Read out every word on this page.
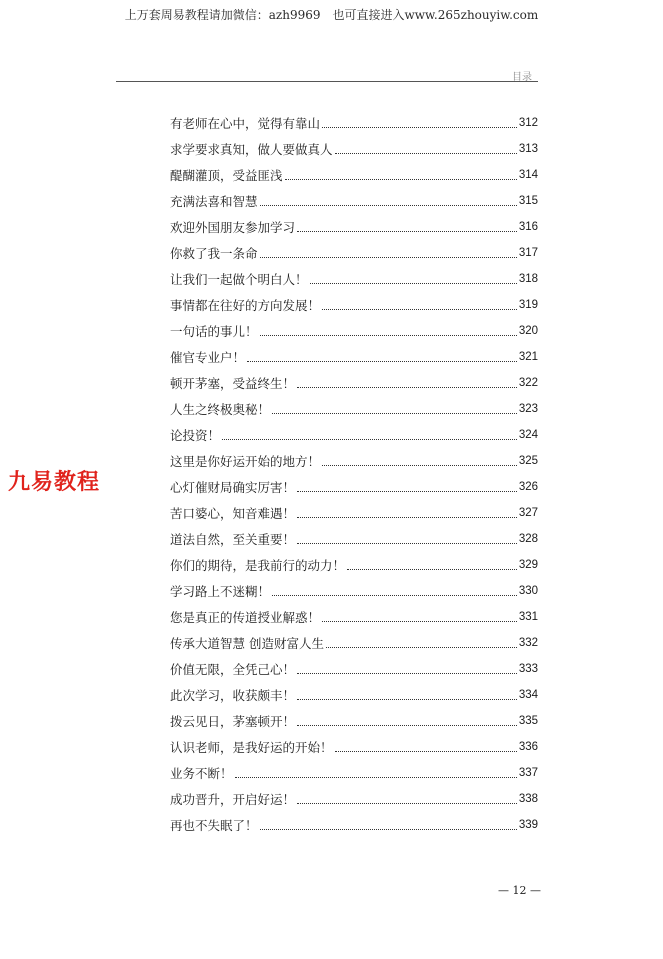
上万套周易教程请加微信：azh9969　也可直接进入www.265zhouyiw.com
目录
九易教程
有老师在心中，觉得有靠山	312
求学要求真知，做人要做真人	313
醍醐灌顶，受益匪浅	314
充满法喜和智慧	315
欢迎外国朋友参加学习	316
你救了我一条命	317
让我们一起做个明白人！	318
事情都在往好的方向发展！	319
一句话的事儿！	320
催官专业户！	321
顿开茅塞，受益终生！	322
人生之终极奥秘！	323
论投资！	324
这里是你好运开始的地方！	325
心灯催财局确实厉害！	326
苦口婆心，知音难遇！	327
道法自然，至关重要！	328
你们的期待，是我前行的动力！	329
学习路上不迷糊！	330
您是真正的传道授业解惑！	331
传承大道智慧 创造财富人生	332
价值无限，全凭己心！	333
此次学习，收获颇丰！	334
拨云见日，茅塞顿开！	335
认识老师，是我好运的开始！	336
业务不断！	337
成功晋升，开启好运！	338
再也不失眠了！	339
— 12 —
